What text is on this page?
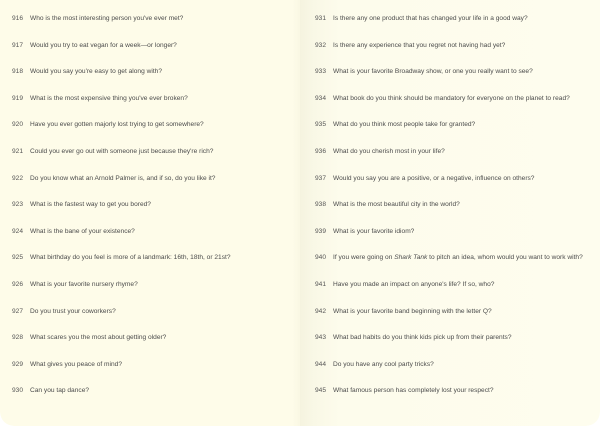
916	Who is the most interesting person you've ever met?
917	Would you try to eat vegan for a week—or longer?
918	Would you say you're easy to get along with?
919	What is the most expensive thing you've ever broken?
920	Have you ever gotten majorly lost trying to get somewhere?
921	Could you ever go out with someone just because they're rich?
922	Do you know what an Arnold Palmer is, and if so, do you like it?
923	What is the fastest way to get you bored?
924	What is the bane of your existence?
925	What birthday do you feel is more of a landmark: 16th, 18th, or 21st?
926	What is your favorite nursery rhyme?
927	Do you trust your coworkers?
928	What scares you the most about getting older?
929	What gives you peace of mind?
930	Can you tap dance?
931	Is there any one product that has changed your life in a good way?
932	Is there any experience that you regret not having had yet?
933	What is your favorite Broadway show, or one you really want to see?
934	What book do you think should be mandatory for everyone on the planet to read?
935	What do you think most people take for granted?
936	What do you cherish most in your life?
937	Would you say you are a positive, or a negative, influence on others?
938	What is the most beautiful city in the world?
939	What is your favorite idiom?
940	If you were going on Shark Tank to pitch an idea, whom would you want to work with?
941	Have you made an impact on anyone's life? If so, who?
942	What is your favorite band beginning with the letter Q?
943	What bad habits do you think kids pick up from their parents?
944	Do you have any cool party tricks?
945	What famous person has completely lost your respect?
